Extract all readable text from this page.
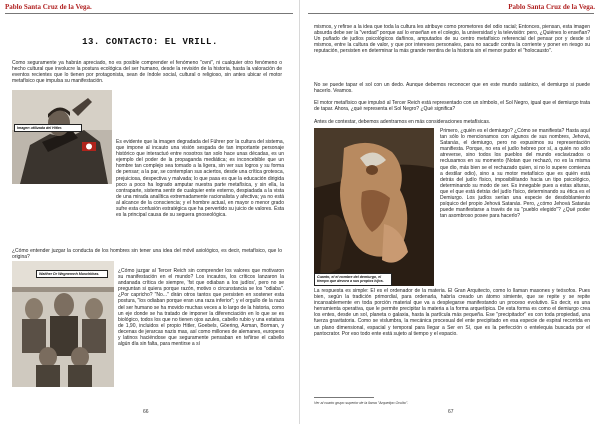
Pablo Santa Cruz de la Vega.
13. CONTACTO: EL VRILL.

Como seguramente ya habrán apreciado, no es posible comprender el fenómeno "ovni", ni cualquier otro fenómeno o hecho cultural que involucre la postura ecológica del ser humano, desde la revisión de la historia, hasta la valoración de eventos recientes que lo tienen por protagonista, sean de índole social, cultural o religioso, sin antes ubicar el motor metafísico que impulsa su manifestación.

Imagen utilizada del Hitler.

Es evidente que la imagen degradada del Führer por la cultura del sistema, que impone al incauto una visión sesgada de tan importante personaje histórico que interactuó entre nosotros tan solo hace unas décadas, es un ejemplo del poder de la propaganda mediática; es inconcebible que un hombre tan complejo sea tomado a la ligera, sin ver sus logros y su forma de pensar; a la par, se contemplan sus aciertos, desde una crítica grotesca, prejuiciosa, despectiva y malvada; lo que pasa es que la educación dirigida poco a poco ha logrado amputar nuestra parte metafísica, y sin ella, la contraparte, sistema sentir de cualquier ente externo, despiadada a la vista de una mirada analítica extremadamente racionalista y afectiva; ya no está al alcance de la consciencia; y el hombre actual, en mayor o menor grado sufre esta confusión estratégica que ha pervertido su juicio de valores. Ésta es la principal causa de su seguera gnoseológica.

¿Cómo entender juzgar la conducta de los hombres sin tener una idea del móvil axiológico, es decir, metafísico, que lo origina?

Walther Dr Wegnernnh Muschkhas.	¿Cómo juzgar al Tercer Reich sin comprender los valores que motivaron su manifestación en el mundo? Los incautos, los críticos lanzaron la andanada crítica de siempre, 'fst que odiaban a los judíos', pero no se preguntan si quiera porque razón, motivo o circunstancia se los "odiaba". ¿Por capricho? "No..." dirán otros tantos que persisten en sostener esta postura, "los odiaban porque eran una raza inferior"; y el orgullo de la raza del ser humano se ha movido muchas veces a lo largo de la historia, como un eje donde se ha tratado de imponer la diferenciación en lo que se es biológico, todos los que no tienen ojos azules, cabello rubio y una estatura de 1,90, incluidos el propio Hitler, Goebels, Göering, Axman, Borman, y decenas de jerarcas nazis mas, así como millones de alemanes, europeos y latinos haciéndose que seguramente pensaban en teñirse el cabello algún día sin falta, para mentirse a sí

66
Pablo Santa Cruz de la Vega.

mismos, y refirse a la idea que toda la cultura les atribuye como prometores del odio racial; Entonces, piensan, esta imagen absurda debe ser la "verdad" porque así lo enseñan en el colegio, la universidad y la televisión: pero, ¿Quiénes lo enseñan? Un puñado de judíos psicológicos dañinos, amputados de su centro metafísico referencial del pensar por y desde sí mismos, entre la cultura de valor, y que por intereses personales, para no sacudir contra la corriente y poner en riesgo su reputación, persisten en determinar la más grande mentira de la historia sin el menor pudor el "holocausto".

No se puede tapar el sol con un dedo. Aunque debemos reconocer que en este mundo satánico, el demiurgo si puede hacerlo. Veamos.

El motor metafísico que impulsó al Tercer Reich está representado con un símbolo, el Sol Negro, igual que el demiurgo trata de tapar. Ahora, ¿qué representa el Sol Negro? ¿Qué significa?

Antes de contestar, debemos adentrarnos en más consideraciones metafísicas.

Cuanto, el el nombre del demiurgo, el tiempo que devora a sus propios hijos.

Primero, ¿quién es el demiurgo? ¿Cómo se manifiesta? Hasta aquí tan sólo lo mencionamos con algunos de sus nombres, Jehová, Satanás, el demiurgo, pero no expusimos su representación manifiesta. Porque, no era el judío hebreo por sí, a quién no sólo atreverse, sino todos los pueblos del mundo esclavizados o reclusamos en su momento (Notan que rechazó, no es la misma que dio, más bien se el rechazado quien, si no lo supere comienza a destilar odio), sino a su motor metafísico que es quién está detrás del judío físico, imposibilitando hacia un tipo psicológico, determinando su modo de ser. Es innegable pues a estas alturas, que el que está detrás del judío físico, determinando su ética es el Demiurgo. Los judíos serían una especie de desdoblamiento psíquico del propio Jehová Satanás. Pero, ¿cómo Jehová Satanás puede manifestarse a través de su "pueblo elegido"? ¿Qué poder tan asombroso posee para hacerlo?

La respuesta es simple: El es el ordenador de la materia. El Gran Arquitecto, como lo llaman masones y teósofos. Pues bien, según la tradición primordial, para ordenarla, habría creado un átomo simiente, que se repite y se repite incansablemente en toda porción material que va a desplegarse manifestando un proceso evolutivo. Es decir, es una herramienta operativa, que le permite precipitar la materia a la forma arquetípica. De esta forma es como el demiurgo crea los entes, desde un sol, planeta o galaxia, hasta la partícula más pequeña. Ese "precipitador" es con toda propiedad, una fuerza gravitatoria. Como se vislumbra, la mecánica procesual del ente precipitado en esa especie de espiral recorrida en un plano dimensional, espacial y temporal para llegar a Ser en Sí, que es la perfección o entelequia buscada por el pantocrator. Por eso todo ente está sujeto al tiempo y el espacio.

Ver al cuarto grupo superior de la llama "Arquetipo Oculto".
67
